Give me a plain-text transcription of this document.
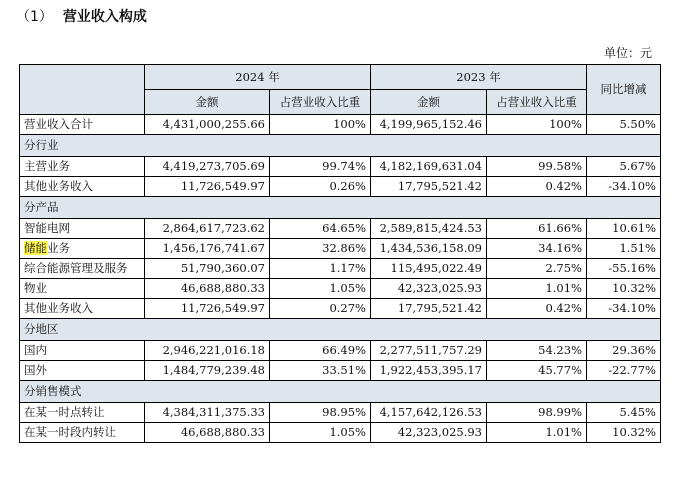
（1） 营业收入构成
单位：元
	2024 年		2023 年		同比增减
	金额	占营业收入比重	金额	占营业收入比重	
营业收入合计	4,431,000,255.66	100%	4,199,965,152.46	100%	5.50%
分行业					
主营业务	4,419,273,705.69	99.74%	4,182,169,631.04	99.58%	5.67%
其他业务收入	11,726,549.97	0.26%	17,795,521.42	0.42%	-34.10%
分产品					
智能电网	2,864,617,723.62	64.65%	2,589,815,424.53	61.66%	10.61%
储能业务	1,456,176,741.67	32.86%	1,434,536,158.09	34.16%	1.51%
综合能源管理及服务	51,790,360.07	1.17%	115,495,022.49	2.75%	-55.16%
物业	46,688,880.33	1.05%	42,323,025.93	1.01%	10.32%
其他业务收入	11,726,549.97	0.27%	17,795,521.42	0.42%	-34.10%
分地区					
国内	2,946,221,016.18	66.49%	2,277,511,757.29	54.23%	29.36%
国外	1,484,779,239.48	33.51%	1,922,453,395.17	45.77%	-22.77%
分销售模式					
在某一时点转让	4,384,311,375.33	98.95%	4,157,642,126.53	98.99%	5.45%
在某一时段内转让	46,688,880.33	1.05%	42,323,025.93	1.01%	10.32%
